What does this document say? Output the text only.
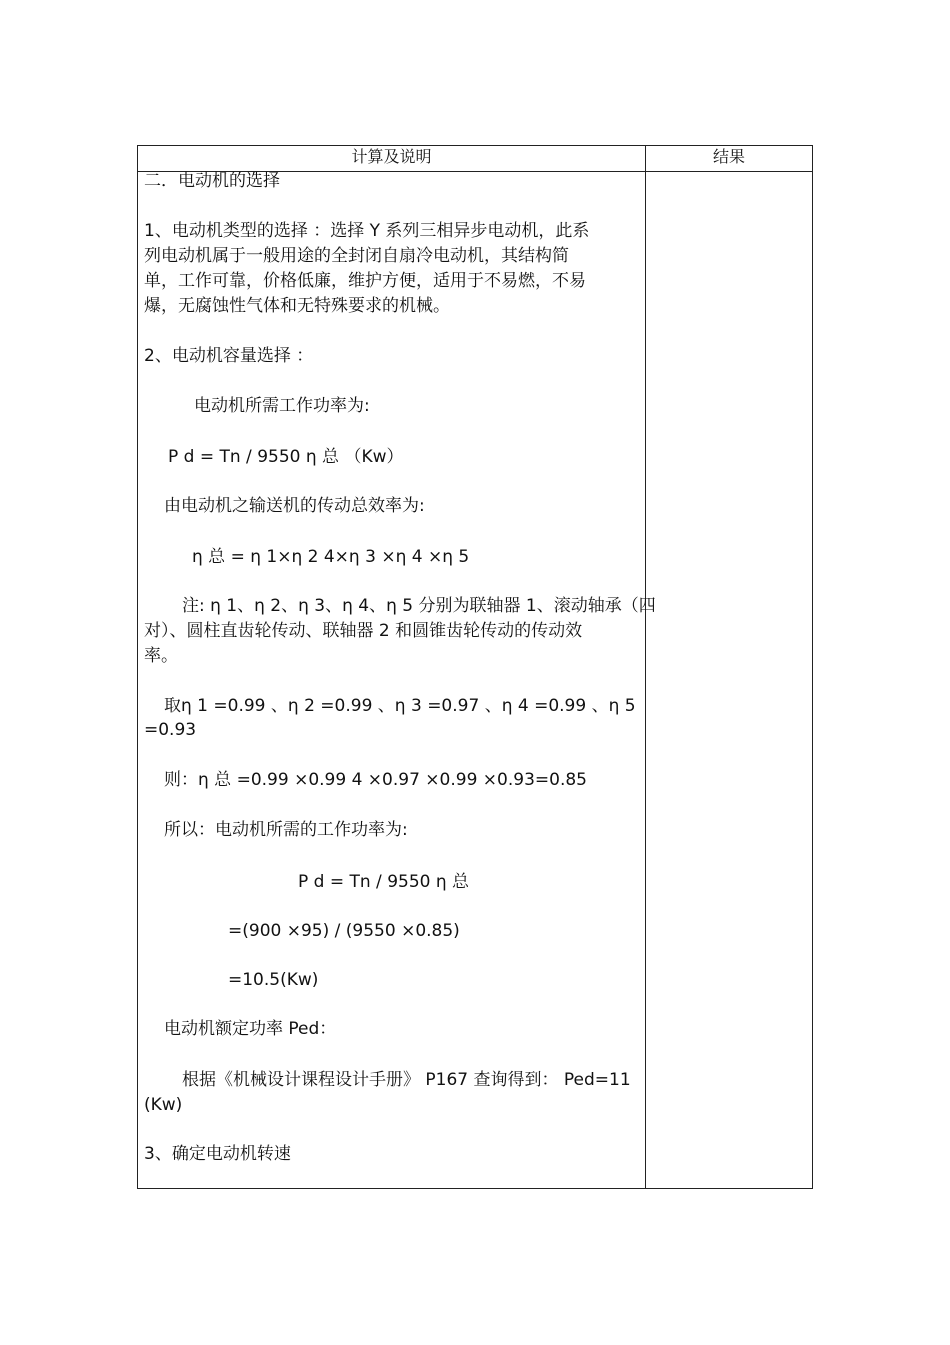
计算及说明	结果
二．电动机的选择
1、电动机类型的选择 ：选择 Y 系列三相异步电动机，此系
列电动机属于一般用途的全封闭自扇冷电动机，其结构简
单，工作可靠，价格低廉，维护方便，适用于不易燃，不易
爆，无腐蚀性气体和无特殊要求的机械。
2、电动机容量选择 ：
电动机所需工作功率为:
P d = Tn / 9550 η 总 （Kw）
由电动机之输送机的传动总效率为:
η 总 = η 1×η 2 4×η 3 ×η 4 ×η 5
注: η 1、η 2、η 3、η 4、η 5 分别为联轴器 1、滚动轴承（四
对）、圆柱直齿轮传动、联轴器 2 和圆锥齿轮传动的传动效
率。
取η 1 =0.99 、η 2 =0.99 、η 3 =0.97 、η 4 =0.99 、η 5
=0.93
则：η 总 =0.99 ×0.99 4 ×0.97 ×0.99 ×0.93=0.85
所以：电动机所需的工作功率为:
P d = Tn / 9550 η 总
=(900 ×95) / (9550 ×0.85)
=10.5(Kw)
电动机额定功率 Ped：
根据《机械设计课程设计手册》 P167 查询得到： Ped=11
(Kw)
3、确定电动机转速
